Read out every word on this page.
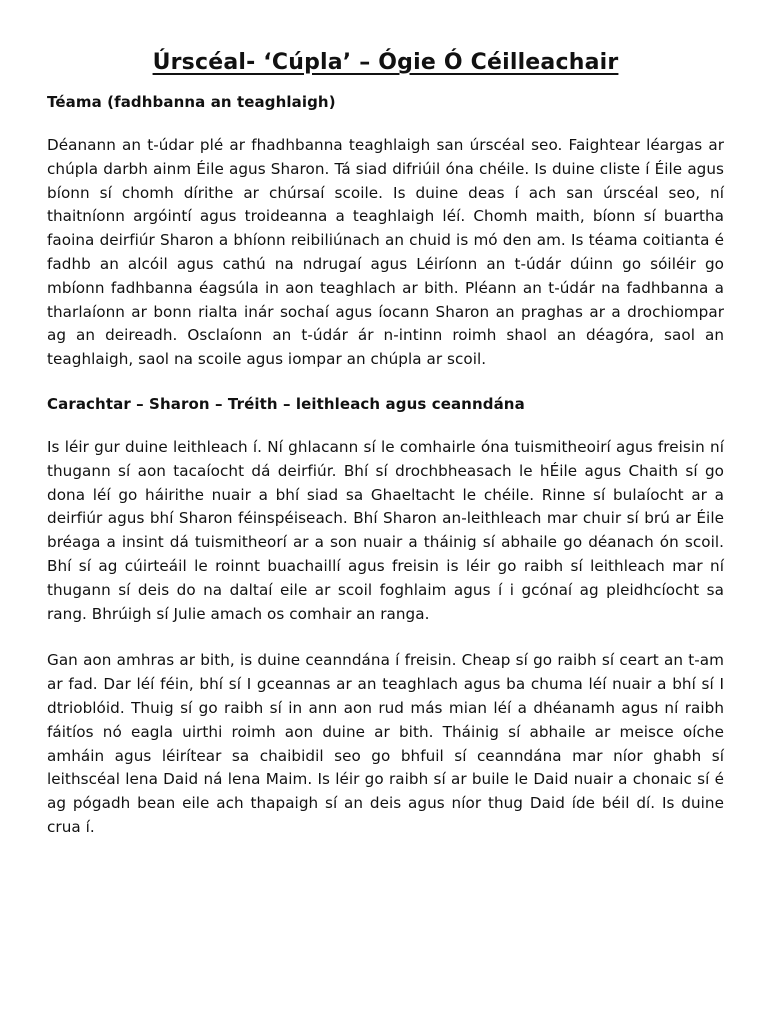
Úrscéal- ‘Cúpla’ – Ógie Ó Céilleachair
Téama (fadhbanna an teaghlaigh)

Déanann an t-údar plé ar fhadhbanna teaghlaigh san úrscéal seo. Faightear léargas ar chúpla darbh ainm Éile agus Sharon. Tá siad difriúil óna chéile. Is duine cliste í Éile agus bíonn sí chomh dírithe ar chúrsaí scoile. Is duine deas í ach san úrscéal seo, ní thaitníonn argóintí agus troideanna a teaghlaigh léí. Chomh maith, bíonn sí buartha faoina deirfiúr Sharon a bhíonn reibiliúnach an chuid is mó den am. Is téama coitianta é fadhb an alcóil agus cathú na ndrugaí agus Léiríonn an t-údár dúinn go sóiléir go mbíonn fadhbanna éagsúla in aon teaghlach ar bith. Pléann an t-údár na fadhbanna a tharlaíonn ar bonn rialta inár sochaí agus íocann Sharon an praghas ar a drochiompar ag an deireadh. Osclaíonn an t-údár ár n-intinn roimh shaol an déagóra, saol an teaghlaigh, saol na scoile agus iompar an chúpla ar scoil.

Carachtar – Sharon – Tréith – leithleach agus ceanndána

Is léir gur duine leithleach í. Ní ghlacann sí le comhairle óna tuismitheoirí agus freisin ní thugann sí aon tacaíocht dá deirfiúr. Bhí sí drochbheasach le hÉile agus Chaith sí go dona léí go háirithe nuair a bhí siad sa Ghaeltacht le chéile. Rinne sí bulaíocht ar a deirfiúr agus bhí Sharon féinspéiseach. Bhí Sharon an-leithleach mar chuir sí brú ar Éile bréaga a insint dá tuismitheorí ar a son nuair a tháinig sí abhaile go déanach ón scoil. Bhí sí ag cúirteáil le roinnt buachaillí agus freisin is léir go raibh sí leithleach mar ní thugann sí deis do na daltaí eile ar scoil foghlaim agus í i gcónaí ag pleidhcíocht sa rang. Bhrúigh sí Julie amach os comhair an ranga.

Gan aon amhras ar bith, is duine ceanndána í freisin. Cheap sí go raibh sí ceart an t-am ar fad. Dar léí féin, bhí sí I gceannas ar an teaghlach agus ba chuma léí nuair a bhí sí I dtrioblóid. Thuig sí go raibh sí in ann aon rud más mian léí a dhéanamh agus ní raibh fáitíos nó eagla uirthi roimh aon duine ar bith. Tháinig sí abhaile ar meisce oíche amháin agus léirítear sa chaibidil seo go bhfuil sí ceanndána mar níor ghabh sí leithscéal lena Daid ná lena Maim. Is léir go raibh sí ar buile le Daid nuair a chonaic sí é ag pógadh bean eile ach thapaigh sí an deis agus níor thug Daid íde béil dí. Is duine crua í.
